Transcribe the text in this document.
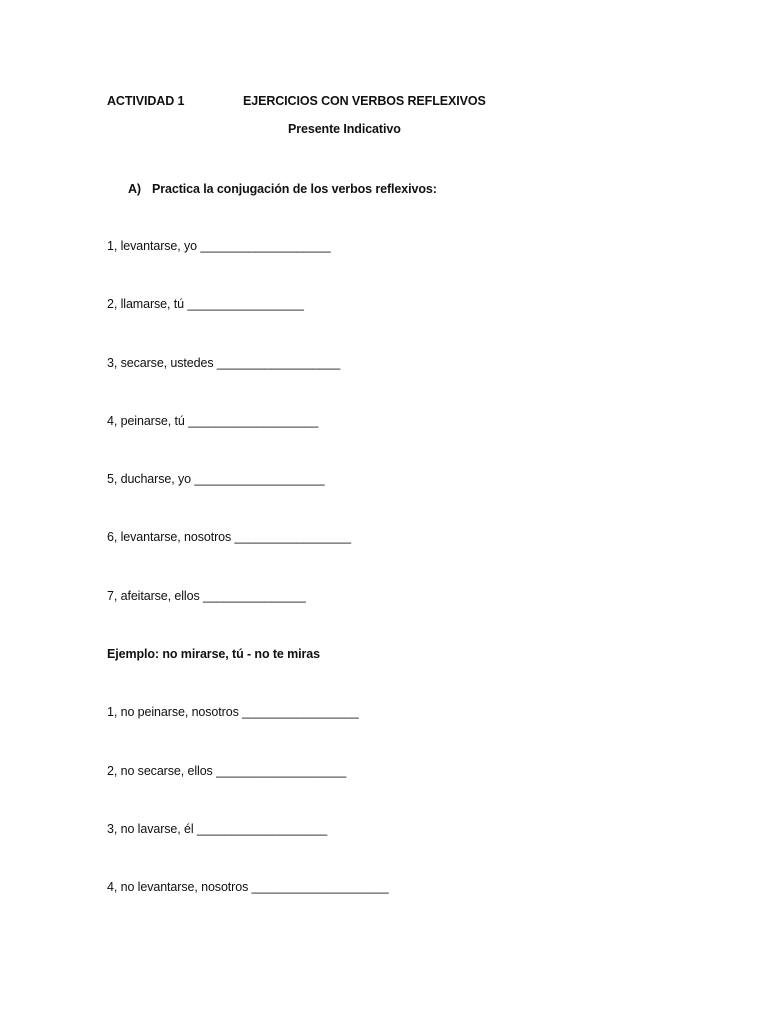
ACTIVIDAD 1	EJERCICIOS CON VERBOS REFLEXIVOS
Presente Indicativo
A) Practica la conjugación de los verbos reflexivos:
1, levantarse, yo ___________________
2, llamarse, tú _________________
3, secarse, ustedes __________________
4, peinarse, tú ___________________
5, ducharse, yo ___________________
6, levantarse, nosotros _________________
7, afeitarse, ellos _______________
Ejemplo: no mirarse, tú - no te miras
1, no peinarse, nosotros _________________
2, no secarse, ellos ___________________
3, no lavarse, él ___________________
4, no levantarse, nosotros ____________________
